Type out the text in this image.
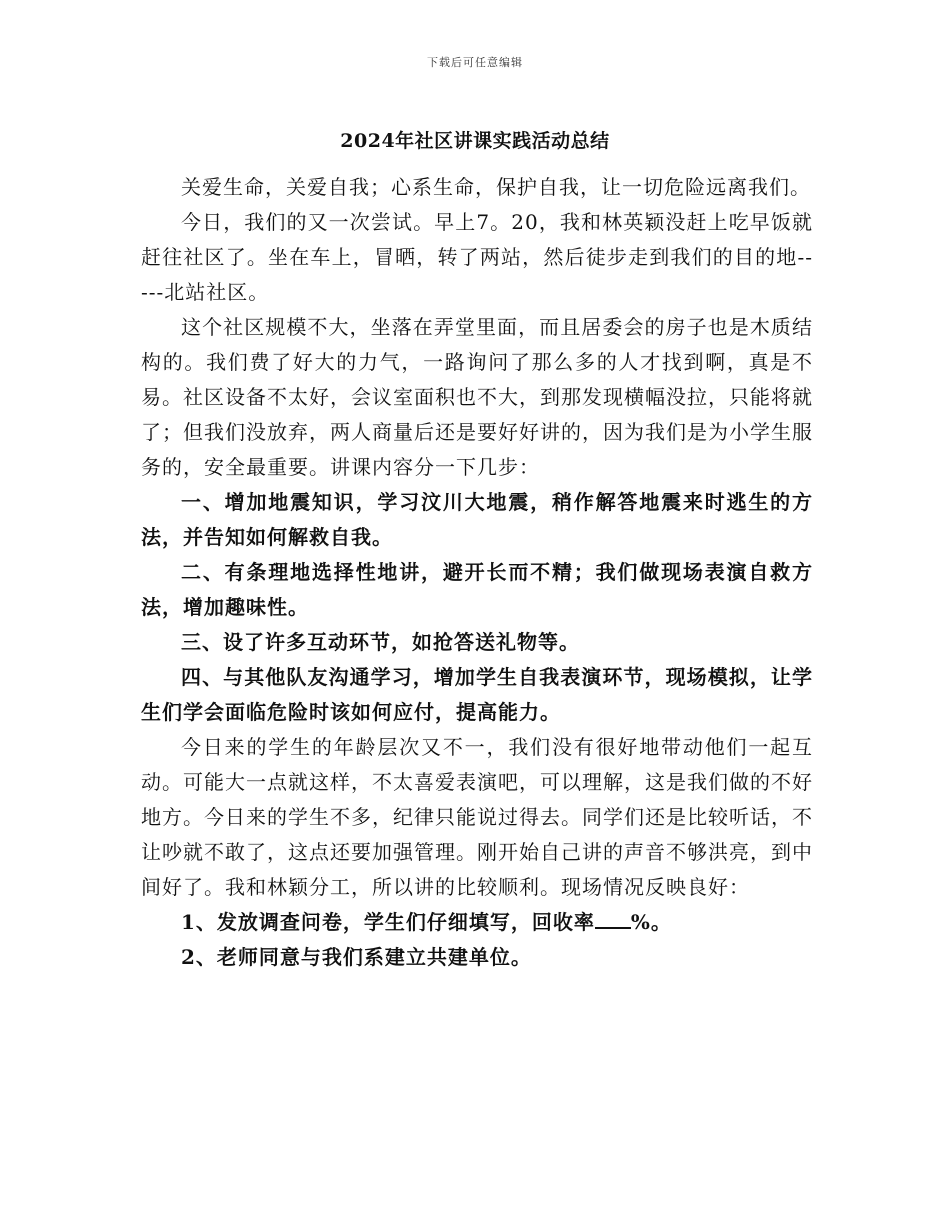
下载后可任意编辑
2024年社区讲课实践活动总结

关爱生命，关爱自我；心系生命，保护自我，让一切危险远离我们。

今日，我们的又一次尝试。早上7。20，我和林英颖没赶上吃早饭就赶往社区了。坐在车上，冒晒，转了两站，然后徒步走到我们的目的地-----北站社区。

这个社区规模不大，坐落在弄堂里面，而且居委会的房子也是木质结构的。我们费了好大的力气，一路询问了那么多的人才找到啊，真是不易。社区设备不太好，会议室面积也不大，到那发现横幅没拉，只能将就了；但我们没放弃，两人商量后还是要好好讲的，因为我们是为小学生服务的，安全最重要。讲课内容分一下几步：

一、增加地震知识，学习汶川大地震，稍作解答地震来时逃生的方法，并告知如何解救自我。

二、有条理地选择性地讲，避开长而不精；我们做现场表演自救方法，增加趣味性。

三、设了许多互动环节，如抢答送礼物等。

四、与其他队友沟通学习，增加学生自我表演环节，现场模拟，让学生们学会面临危险时该如何应付，提高能力。

今日来的学生的年龄层次又不一，我们没有很好地带动他们一起互动。可能大一点就这样，不太喜爱表演吧，可以理解，这是我们做的不好地方。今日来的学生不多，纪律只能说过得去。同学们还是比较听话，不让吵就不敢了，这点还要加强管理。刚开始自己讲的声音不够洪亮，到中间好了。我和林颖分工，所以讲的比较顺利。现场情况反映良好：

1、发放调查问卷，学生们仔细填写，回收率 %。

2、老师同意与我们系建立共建单位。
